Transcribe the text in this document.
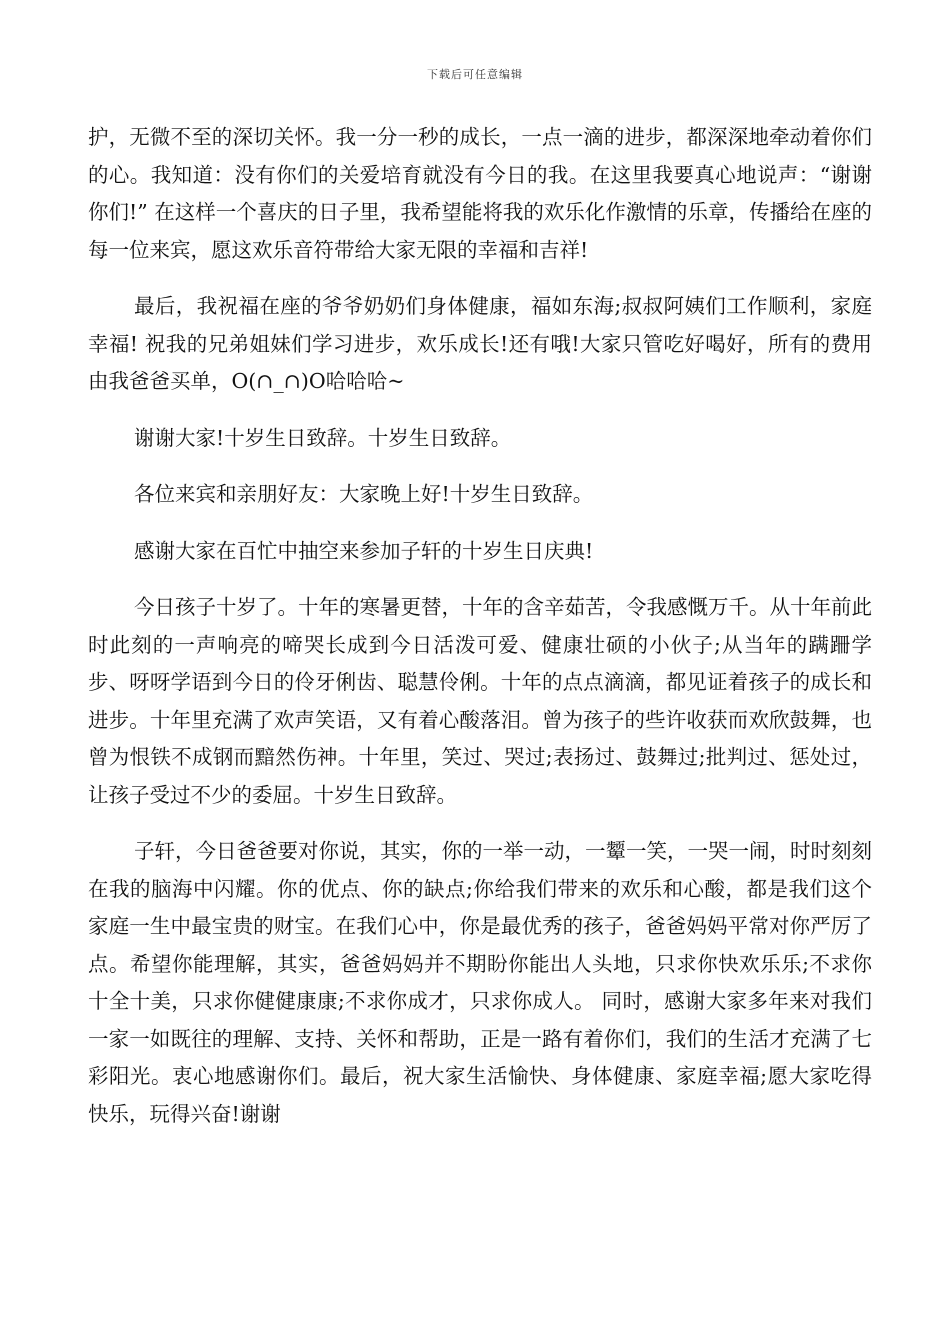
下载后可任意编辑

护，无微不至的深切关怀。我一分一秒的成长，一点一滴的进步，都深深地牵动着你们的心。我知道：没有你们的关爱培育就没有今日的我。在这里我要真心地说声：“谢谢你们!” 在这样一个喜庆的日子里，我希望能将我的欢乐化作激情的乐章，传播给在座的每一位来宾，愿这欢乐音符带给大家无限的幸福和吉祥!

最后，我祝福在座的爷爷奶奶们身体健康，福如东海;叔叔阿姨们工作顺利，家庭幸福! 祝我的兄弟姐妹们学习进步，欢乐成长!还有哦!大家只管吃好喝好，所有的费用由我爸爸买单，O(∩_∩)O哈哈哈~

谢谢大家!十岁生日致辞。十岁生日致辞。

各位来宾和亲朋好友：大家晚上好!十岁生日致辞。

感谢大家在百忙中抽空来参加子轩的十岁生日庆典!

今日孩子十岁了。十年的寒暑更替，十年的含辛茹苦，令我感慨万千。从十年前此时此刻的一声响亮的啼哭长成到今日活泼可爱、健康壮硕的小伙子;从当年的蹒跚学步、呀呀学语到今日的伶牙俐齿、聪慧伶俐。十年的点点滴滴，都见证着孩子的成长和进步。十年里充满了欢声笑语，又有着心酸落泪。曾为孩子的些许收获而欢欣鼓舞，也曾为恨铁不成钢而黯然伤神。十年里，笑过、哭过;表扬过、鼓舞过;批判过、惩处过，让孩子受过不少的委屈。十岁生日致辞。

子轩，今日爸爸要对你说，其实，你的一举一动，一颦一笑，一哭一闹，时时刻刻在我的脑海中闪耀。你的优点、你的缺点;你给我们带来的欢乐和心酸，都是我们这个家庭一生中最宝贵的财宝。在我们心中，你是最优秀的孩子，爸爸妈妈平常对你严厉了点。希望你能理解，其实，爸爸妈妈并不期盼你能出人头地，只求你快欢乐乐;不求你十全十美，只求你健健康康;不求你成才，只求你成人。 同时，感谢大家多年来对我们一家一如既往的理解、支持、关怀和帮助，正是一路有着你们，我们的生活才充满了七彩阳光。衷心地感谢你们。最后，祝大家生活愉快、身体健康、家庭幸福;愿大家吃得快乐，玩得兴奋!谢谢
